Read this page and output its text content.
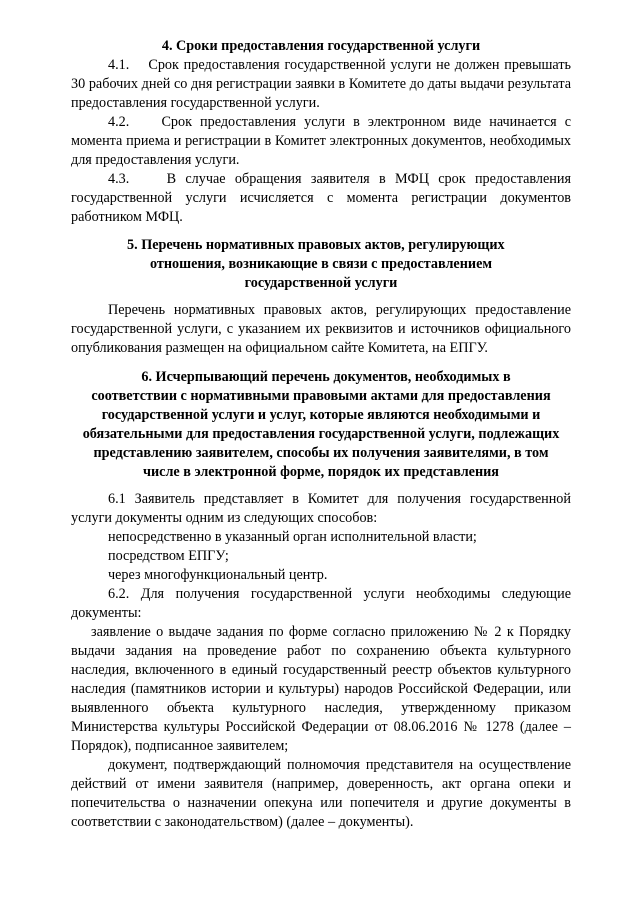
4. Сроки предоставления государственной услуги
4.1.    Срок предоставления государственной услуги не должен превышать 30 рабочих дней со дня регистрации заявки в Комитете до даты выдачи результата предоставления государственной услуги.
4.2.    Срок предоставления услуги в электронном виде начинается с момента приема и регистрации в Комитет электронных документов, необходимых для предоставления услуги.
4.3.    В случае обращения заявителя в МФЦ срок предоставления государственной услуги исчисляется с момента регистрации документов работником МФЦ.
5. Перечень нормативных правовых актов, регулирующих
отношения, возникающие в связи с предоставлением
государственной услуги
Перечень нормативных правовых актов, регулирующих предоставление государственной услуги, с указанием их реквизитов и источников официального опубликования размещен на официальном сайте Комитета, на ЕПГУ.
6. Исчерпывающий перечень документов, необходимых в
соответствии с нормативными правовыми актами для предоставления
государственной услуги и услуг, которые являются необходимыми и
обязательными для предоставления государственной услуги, подлежащих
представлению заявителем, способы их получения заявителями, в том
числе в электронной форме, порядок их представления
6.1 Заявитель представляет в Комитет для получения государственной услуги документы одним из следующих способов:
непосредственно в указанный орган исполнительной власти;
посредством ЕПГУ;
через многофункциональный центр.
6.2. Для получения государственной услуги необходимы следующие документы:
заявление о выдаче задания по форме согласно приложению № 2 к Порядку выдачи задания на проведение работ по сохранению объекта культурного наследия, включенного в единый государственный реестр объектов культурного наследия (памятников истории и культуры) народов Российской Федерации, или выявленного объекта культурного наследия, утвержденному приказом Министерства культуры Российской Федерации от 08.06.2016 № 1278 (далее – Порядок), подписанное заявителем;
документ, подтверждающий полномочия представителя на осуществление действий от имени заявителя (например, доверенность, акт органа опеки и попечительства о назначении опекуна или попечителя и другие документы в соответствии с законодательством) (далее – документы).
